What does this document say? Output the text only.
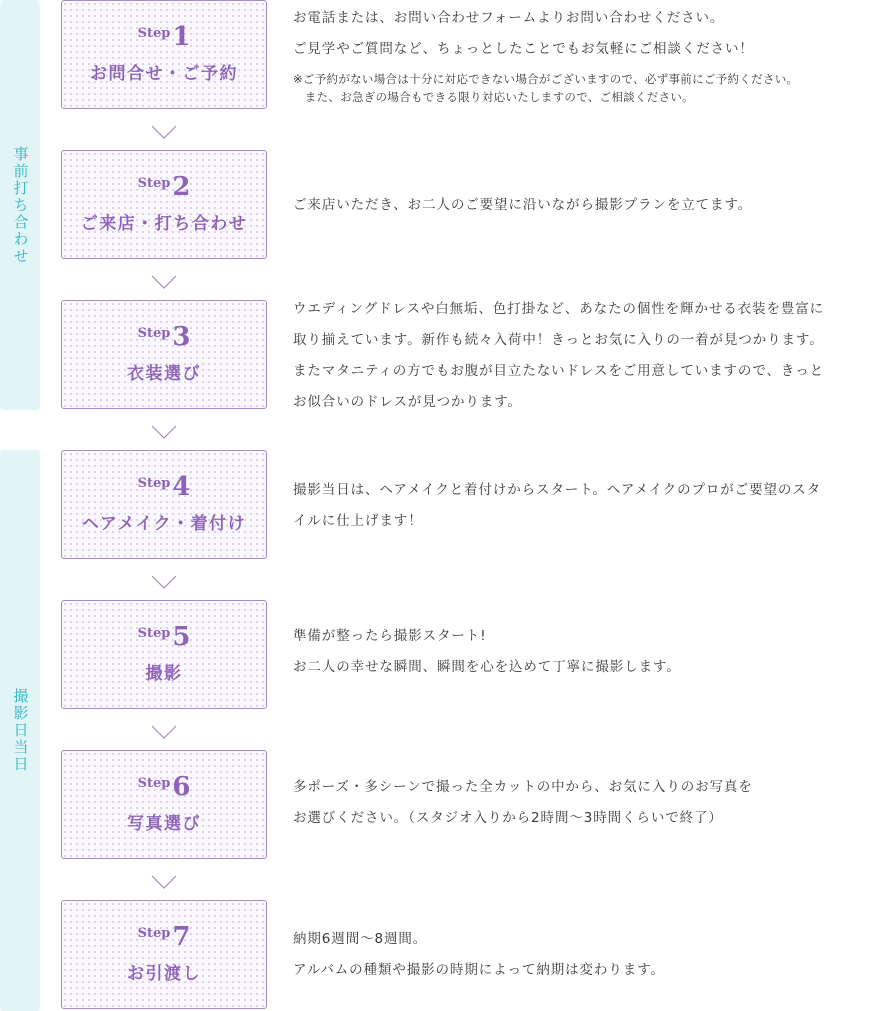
事前打ち合わせ
撮影日当日
$^{Step}$1
お問合せ・ご予約

お電話または、お問い合わせフォームよりお問い合わせください。

ご見学やご質問など、ちょっとしたことでもお気軽にご相談ください！

※ご予約がない場合は十分に対応できない場合がございますので、必ず事前にご予約ください。

　また、お急ぎの場合もできる限り対応いたしますので、ご相談ください。

$^{Step}$2
ご来店・打ち合わせ

ご来店いただき、お二人のご要望に沿いながら撮影プランを立てます。

$^{Step}$3
衣装選び

ウエディングドレスや白無垢、色打掛など、あなたの個性を輝かせる衣装を豊富に

取り揃えています。新作も続々入荷中！きっとお気に入りの一着が見つかります。

またマタニティの方でもお腹が目立たないドレスをご用意していますので、きっと

お似合いのドレスが見つかります。

$^{Step}$4
ヘアメイク・着付け

撮影当日は、ヘアメイクと着付けからスタート。ヘアメイクのプロがご要望のスタ

イルに仕上げます！

$^{Step}$5
撮影

準備が整ったら撮影スタート!

お二人の幸せな瞬間、瞬間を心を込めて丁寧に撮影します。

$^{Step}$6
写真選び

多ポーズ・多シーンで撮った全カットの中から、お気に入りのお写真を

お選びください。（スタジオ入りから2時間〜3時間くらいで終了）

$^{Step}$7
お引渡し

納期6週間〜8週間。

アルバムの種類や撮影の時期によって納期は変わります。
